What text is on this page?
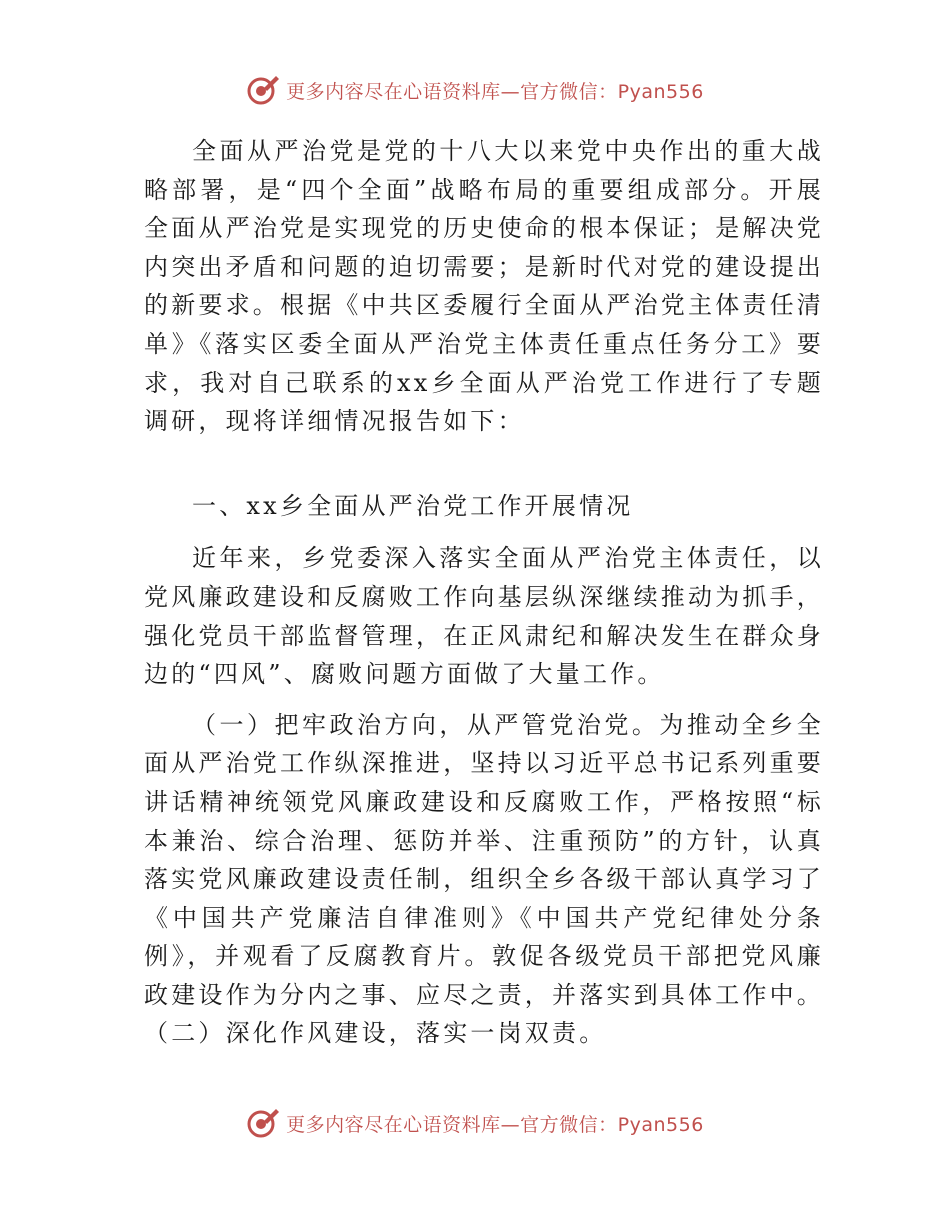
更多内容尽在心语资料库—官方微信：Pyan556

全面从严治党是党的十八大以来党中央作出的重大战略部署，是“四个全面”战略布局的重要组成部分。开展全面从严治党是实现党的历史使命的根本保证；是解决党内突出矛盾和问题的迫切需要；是新时代对党的建设提出的新要求。根据《中共区委履行全面从严治党主体责任清单》《落实区委全面从严治党主体责任重点任务分工》要求，我对自己联系的xx乡全面从严治党工作进行了专题调研，现将详细情况报告如下：

一、xx乡全面从严治党工作开展情况

近年来，乡党委深入落实全面从严治党主体责任，以党风廉政建设和反腐败工作向基层纵深继续推动为抓手，强化党员干部监督管理，在正风肃纪和解决发生在群众身边的“四风”、腐败问题方面做了大量工作。

（一）把牢政治方向，从严管党治党。为推动全乡全面从严治党工作纵深推进，坚持以习近平总书记系列重要讲话精神统领党风廉政建设和反腐败工作，严格按照“标本兼治、综合治理、惩防并举、注重预防”的方针，认真落实党风廉政建设责任制，组织全乡各级干部认真学习了《中国共产党廉洁自律准则》《中国共产党纪律处分条例》，并观看了反腐教育片。敦促各级党员干部把党风廉政建设作为分内之事、应尽之责，并落实到具体工作中。（二）深化作风建设，落实一岗双责。

更多内容尽在心语资料库—官方微信：Pyan556
